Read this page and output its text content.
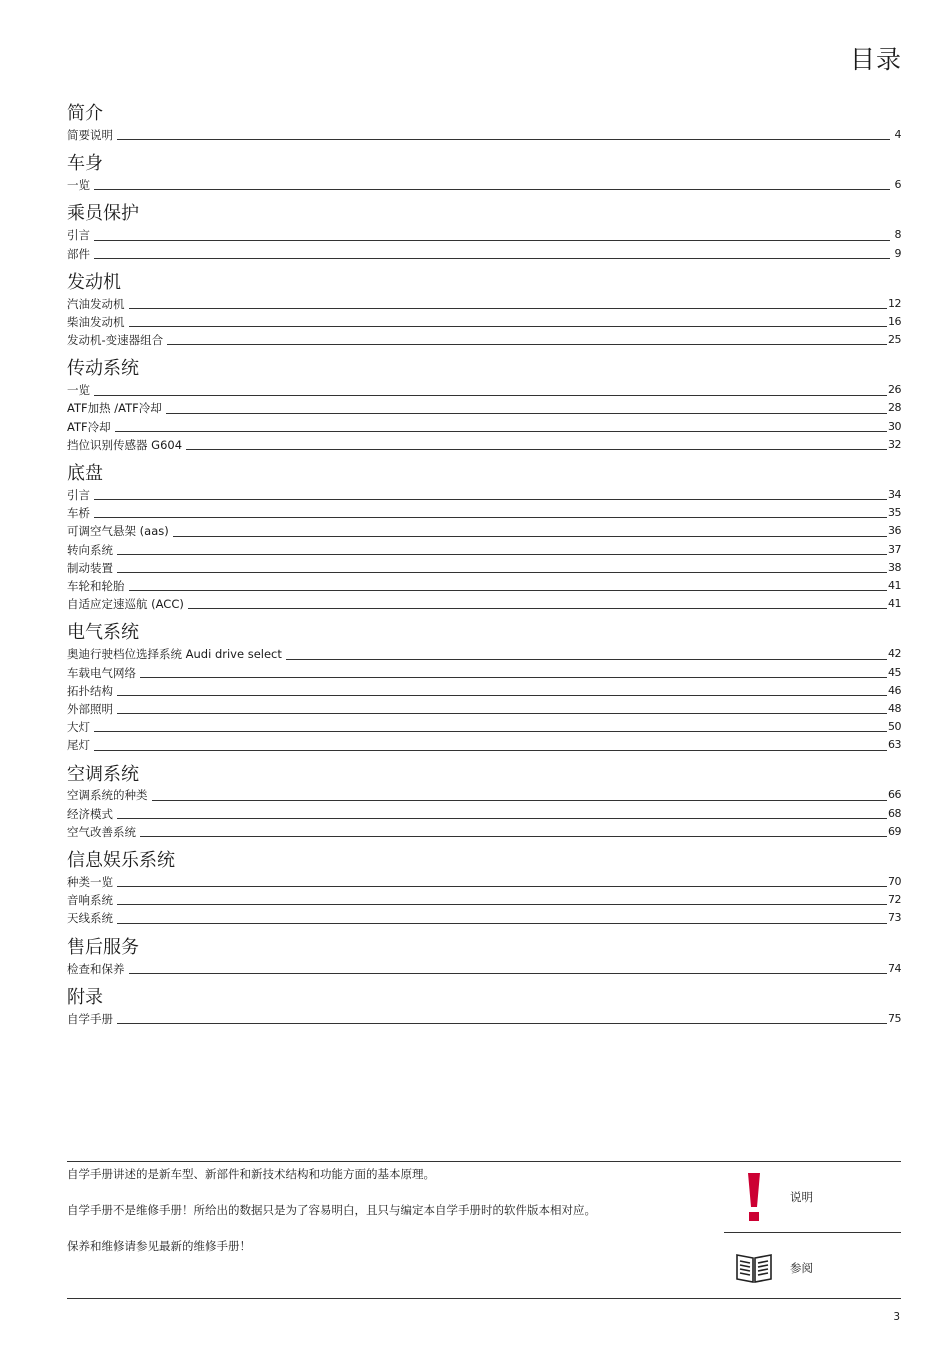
目录
简介
简要说明	4
车身
一览	6
乘员保护
引言	8
部件	9
发动机
汽油发动机	12
柴油发动机	16
发动机-变速器组合	25
传动系统
一览	26
ATF加热 /ATF冷却	28
ATF冷却	30
挡位识别传感器 G604	32
底盘
引言	34
车桥	35
可调空气悬架 (aas)	36
转向系统	37
制动装置	38
车轮和轮胎	41
自适应定速巡航 (ACC)	41
电气系统
奥迪行驶档位选择系统 Audi drive select	42
车载电气网络	45
拓扑结构	46
外部照明	48
大灯	50
尾灯	63
空调系统
空调系统的种类	66
经济模式	68
空气改善系统	69
信息娱乐系统
种类一览	70
音响系统	72
天线系统	73
售后服务
检查和保养	74
附录
自学手册	75

自学手册讲述的是新车型、新部件和新技术结构和功能方面的基本原理。

自学手册不是维修手册！所给出的数据只是为了容易明白，且只与编定本自学手册时的软件版本相对应。

保养和维修请参见最新的维修手册！

说明
参阅
3
